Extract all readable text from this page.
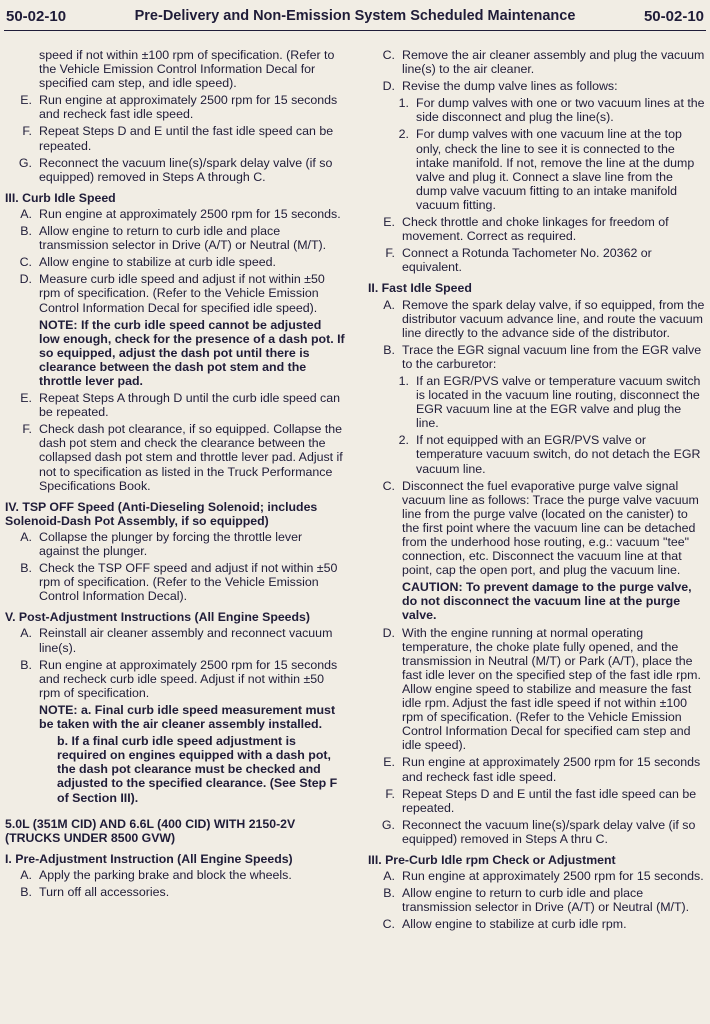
50-02-10	Pre-Delivery and Non-Emission System Scheduled Maintenance	50-02-10
speed if not within ±100 rpm of specification. (Refer to the Vehicle Emission Control Information Decal for specified cam step, and idle speed).
E. Run engine at approximately 2500 rpm for 15 seconds and recheck fast idle speed.
F. Repeat Steps D and E until the fast idle speed can be repeated.
G. Reconnect the vacuum line(s)/spark delay valve (if so equipped) removed in Steps A through C.
III. Curb Idle Speed
A. Run engine at approximately 2500 rpm for 15 seconds.
B. Allow engine to return to curb idle and place transmission selector in Drive (A/T) or Neutral (M/T).
C. Allow engine to stabilize at curb idle speed.
D. Measure curb idle speed and adjust if not within ±50 rpm of specification. (Refer to the Vehicle Emission Control Information Decal for specified idle speed).
NOTE: If the curb idle speed cannot be adjusted low enough, check for the presence of a dash pot. If so equipped, adjust the dash pot until there is clearance between the dash pot stem and the throttle lever pad.
E. Repeat Steps A through D until the curb idle speed can be repeated.
F. Check dash pot clearance, if so equipped. Collapse the dash pot stem and check the clearance between the collapsed dash pot stem and throttle lever pad. Adjust if not to specification as listed in the Truck Performance Specifications Book.
IV. TSP OFF Speed (Anti-Dieseling Solenoid; includes Solenoid-Dash Pot Assembly, if so equipped)
A. Collapse the plunger by forcing the throttle lever against the plunger.
B. Check the TSP OFF speed and adjust if not within ±50 rpm of specification. (Refer to the Vehicle Emission Control Information Decal).
V. Post-Adjustment Instructions (All Engine Speeds)
A. Reinstall air cleaner assembly and reconnect vacuum line(s).
B. Run engine at approximately 2500 rpm for 15 seconds and recheck curb idle speed. Adjust if not within ±50 rpm of specification.
NOTE: a. Final curb idle speed measurement must be taken with the air cleaner assembly installed.
b. If a final curb idle speed adjustment is required on engines equipped with a dash pot, the dash pot clearance must be checked and adjusted to the specified clearance. (See Step F of Section III).
5.0L (351M CID) AND 6.6L (400 CID) WITH 2150-2V (TRUCKS UNDER 8500 GVW)
I. Pre-Adjustment Instruction (All Engine Speeds)
A. Apply the parking brake and block the wheels.
B. Turn off all accessories.
C. Remove the air cleaner assembly and plug the vacuum line(s) to the air cleaner.
D. Revise the dump valve lines as follows:
1. For dump valves with one or two vacuum lines at the side disconnect and plug the line(s).
2. For dump valves with one vacuum line at the top only, check the line to see it is connected to the intake manifold. If not, remove the line at the dump valve and plug it. Connect a slave line from the dump valve vacuum fitting to an intake manifold vacuum fitting.
E. Check throttle and choke linkages for freedom of movement. Correct as required.
F. Connect a Rotunda Tachometer No. 20362 or equivalent.
II. Fast Idle Speed
A. Remove the spark delay valve, if so equipped, from the distributor vacuum advance line, and route the vacuum line directly to the advance side of the distributor.
B. Trace the EGR signal vacuum line from the EGR valve to the carburetor:
1. If an EGR/PVS valve or temperature vacuum switch is located in the vacuum line routing, disconnect the EGR vacuum line at the EGR valve and plug the line.
2. If not equipped with an EGR/PVS valve or temperature vacuum switch, do not detach the EGR vacuum line.
C. Disconnect the fuel evaporative purge valve signal vacuum line as follows: Trace the purge valve vacuum line from the purge valve (located on the canister) to the first point where the vacuum line can be detached from the underhood hose routing, e.g.: vacuum "tee" connection, etc. Disconnect the vacuum line at that point, cap the open port, and plug the vacuum line.
CAUTION: To prevent damage to the purge valve, do not disconnect the vacuum line at the purge valve.
D. With the engine running at normal operating temperature, the choke plate fully opened, and the transmission in Neutral (M/T) or Park (A/T), place the fast idle lever on the specified step of the fast idle rpm. Allow engine speed to stabilize and measure the fast idle rpm. Adjust the fast idle speed if not within ±100 rpm of specification. (Refer to the Vehicle Emission Control Information Decal for specified cam step and idle speed).
E. Run engine at approximately 2500 rpm for 15 seconds and recheck fast idle speed.
F. Repeat Steps D and E until the fast idle speed can be repeated.
G. Reconnect the vacuum line(s)/spark delay valve (if so equipped) removed in Steps A thru C.
III. Pre-Curb Idle rpm Check or Adjustment
A. Run engine at approximately 2500 rpm for 15 seconds.
B. Allow engine to return to curb idle and place transmission selector in Drive (A/T) or Neutral (M/T).
C. Allow engine to stabilize at curb idle rpm.
